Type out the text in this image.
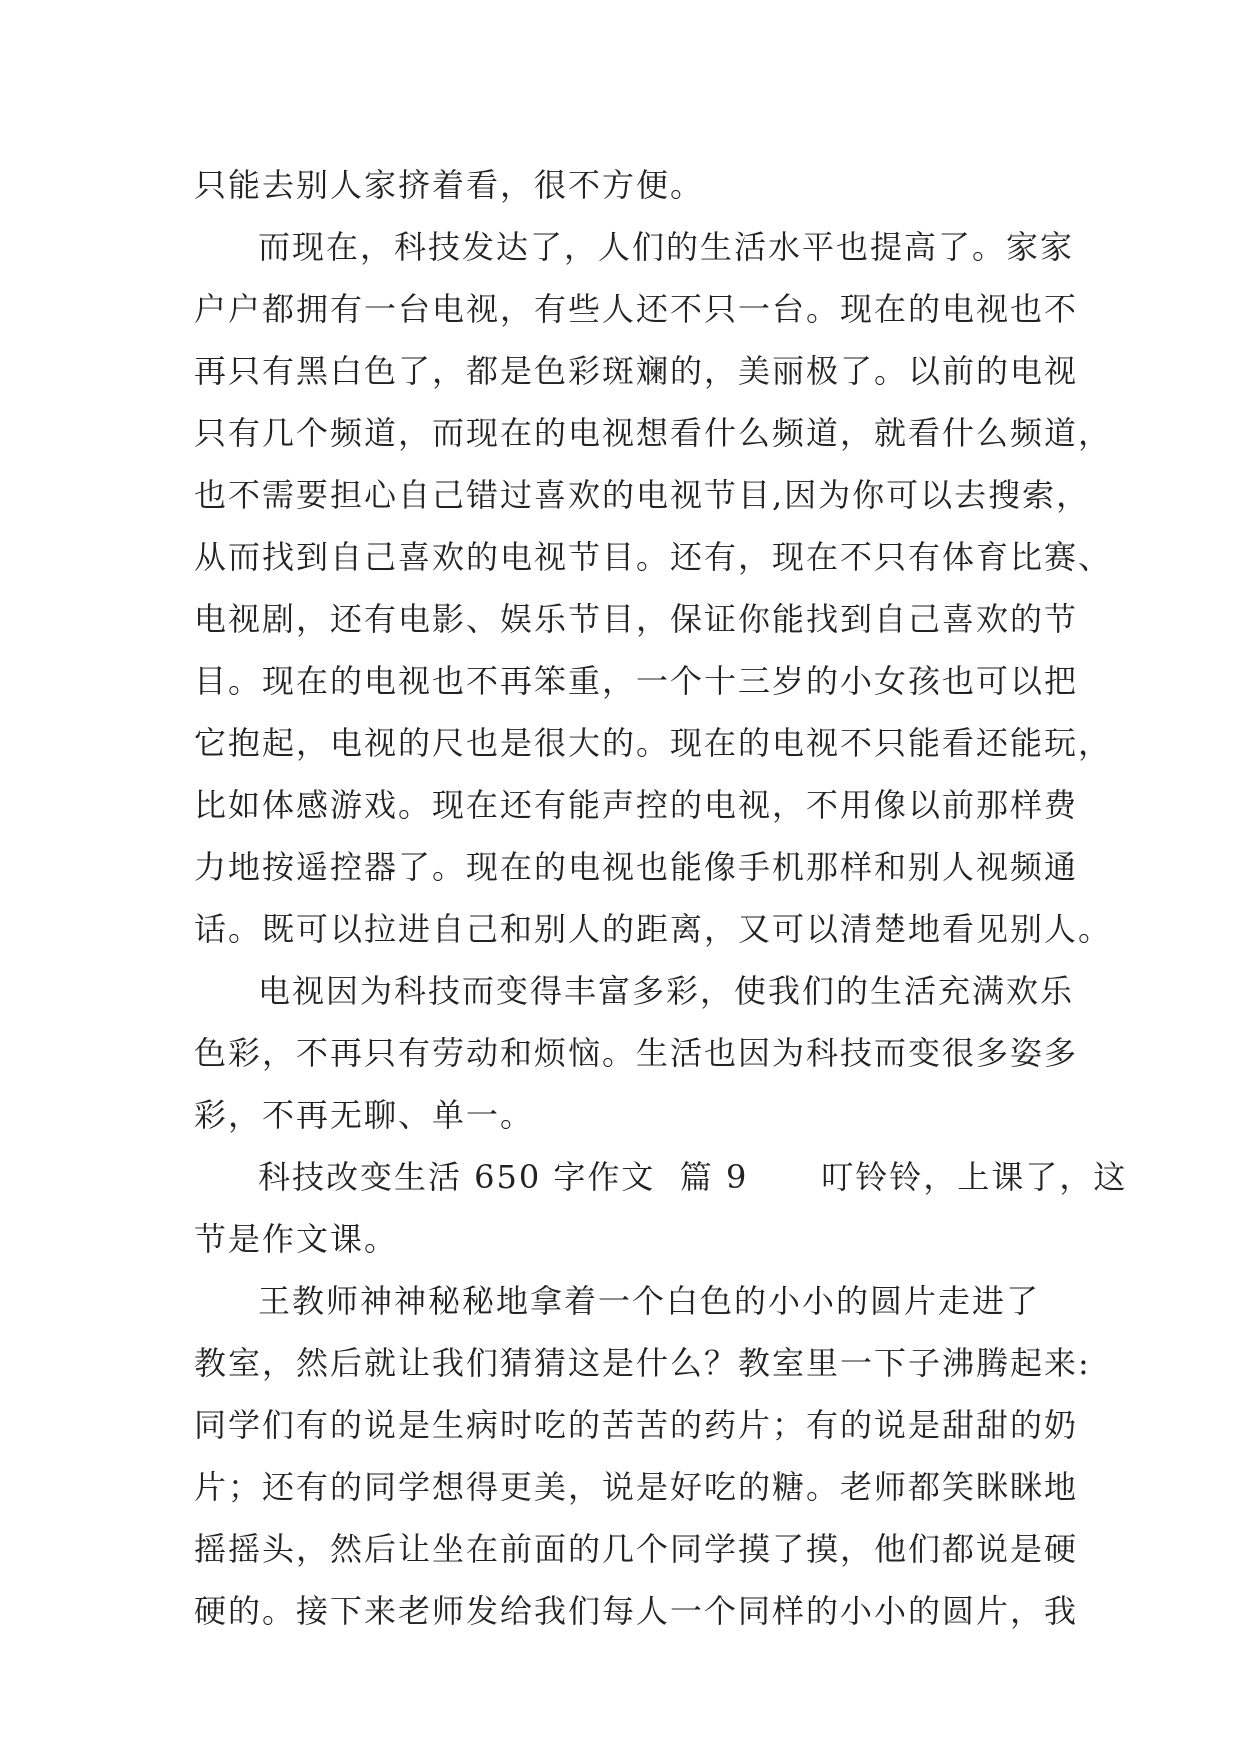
只能去别人家挤着看，很不方便。
而现在，科技发达了，人们的生活水平也提高了。家家
户户都拥有一台电视，有些人还不只一台。现在的电视也不
再只有黑白色了，都是色彩斑斓的，美丽极了。以前的电视
只有几个频道，而现在的电视想看什么频道，就看什么频道，
也不需要担心自己错过喜欢的电视节目,因为你可以去搜索，
从而找到自己喜欢的电视节目。还有，现在不只有体育比赛、
电视剧，还有电影、娱乐节目，保证你能找到自己喜欢的节
目。现在的电视也不再笨重，一个十三岁的小女孩也可以把
它抱起，电视的尺也是很大的。现在的电视不只能看还能玩，
比如体感游戏。现在还有能声控的电视，不用像以前那样费
力地按遥控器了。现在的电视也能像手机那样和别人视频通
话。既可以拉进自己和别人的距离，又可以清楚地看见别人。
电视因为科技而变得丰富多彩，使我们的生活充满欢乐
色彩，不再只有劳动和烦恼。生活也因为科技而变很多姿多
彩，不再无聊、单一。
科技改变生活 650 字作文  篇 9      叮铃铃，上课了，这
节是作文课。
王教师神神秘秘地拿着一个白色的小小的圆片走进了
教室，然后就让我们猜猜这是什么？教室里一下子沸腾起来:
同学们有的说是生病时吃的苦苦的药片；有的说是甜甜的奶
片；还有的同学想得更美，说是好吃的糖。老师都笑眯眯地
摇摇头，然后让坐在前面的几个同学摸了摸，他们都说是硬
硬的。接下来老师发给我们每人一个同样的小小的圆片，我
